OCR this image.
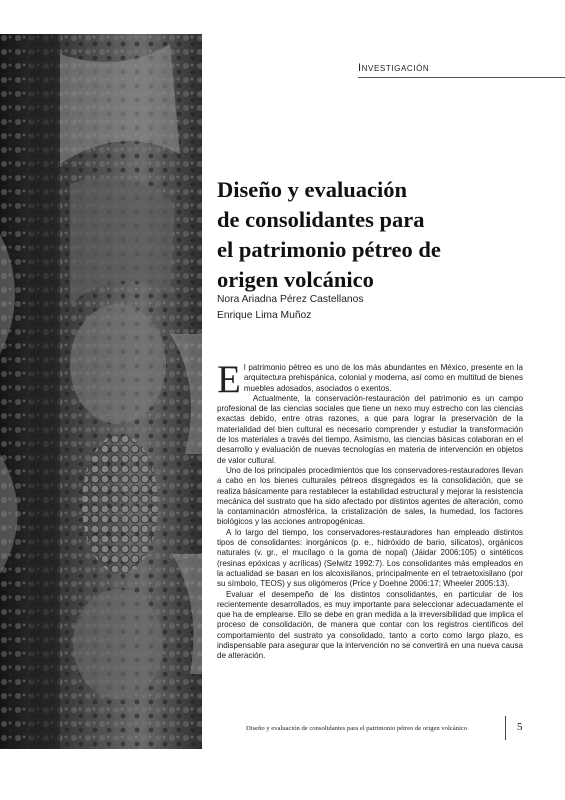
Investigación
Diseño y evaluación
de consolidantes para
el patrimonio pétreo de
origen volcánico
Nora Ariadna Pérez Castellanos
Enrique Lima Muñoz

El patrimonio pétreo es uno de los más abundantes en México, presente en la arquitectura prehispánica, colonial y moderna, así como en multitud de bienes muebles adosados, asociados o exentos.

Actualmente, la conservación-restauración del patrimonio es un campo profesional de las ciencias sociales que tiene un nexo muy estrecho con las ciencias exactas debido, entre otras razones, a que para lograr la preservación de la materialidad del bien cultural es necesario comprender y estudiar la transformación de los materiales a través del tiempo. Asimismo, las ciencias básicas colaboran en el desarrollo y evaluación de nuevas tecnologías en materia de intervención en objetos de valor cultural.

Uno de los principales procedimientos que los conservadores-restauradores llevan a cabo en los bienes culturales pétreos disgregados es la consolidación, que se realiza básicamente para restablecer la estabilidad estructural y mejorar la resistencia mecánica del sustrato que ha sido afectado por distintos agentes de alteración, como la contaminación atmosférica, la cristalización de sales, la humedad, los factores biológicos y las acciones antropogénicas.

A lo largo del tiempo, los conservadores-restauradores han empleado distintos tipos de consolidantes: inorgánicos (p. e., hidróxido de bario, silicatos), orgánicos naturales (v. gr., el mucílago o la goma de nopal) (Jáidar 2006:105) o sintéticos (resinas epóxicas y acrílicas) (Selwitz 1992:7). Los consolidantes más empleados en la actualidad se basan en los alcoxisilanos, principalmente en el tetraetoxisilano (por su símbolo, TEOS) y sus oligómeros (Price y Doehne 2006:17; Wheeler 2005:13).

Evaluar el desempeño de los distintos consolidantes, en particular de los recientemente desarrollados, es muy importante para seleccionar adecuadamente el que ha de emplearse. Ello se debe en gran medida a la irreversibilidad que implica el proceso de consolidación, de manera que contar con los registros científicos del comportamiento del sustrato ya consolidado, tanto a corto como largo plazo, es indispensable para asegurar que la intervención no se convertirá en una nueva causa de alteración.

Diseño y evaluación de consolidantes para el patrimonio pétreo de origen volcánico	5
